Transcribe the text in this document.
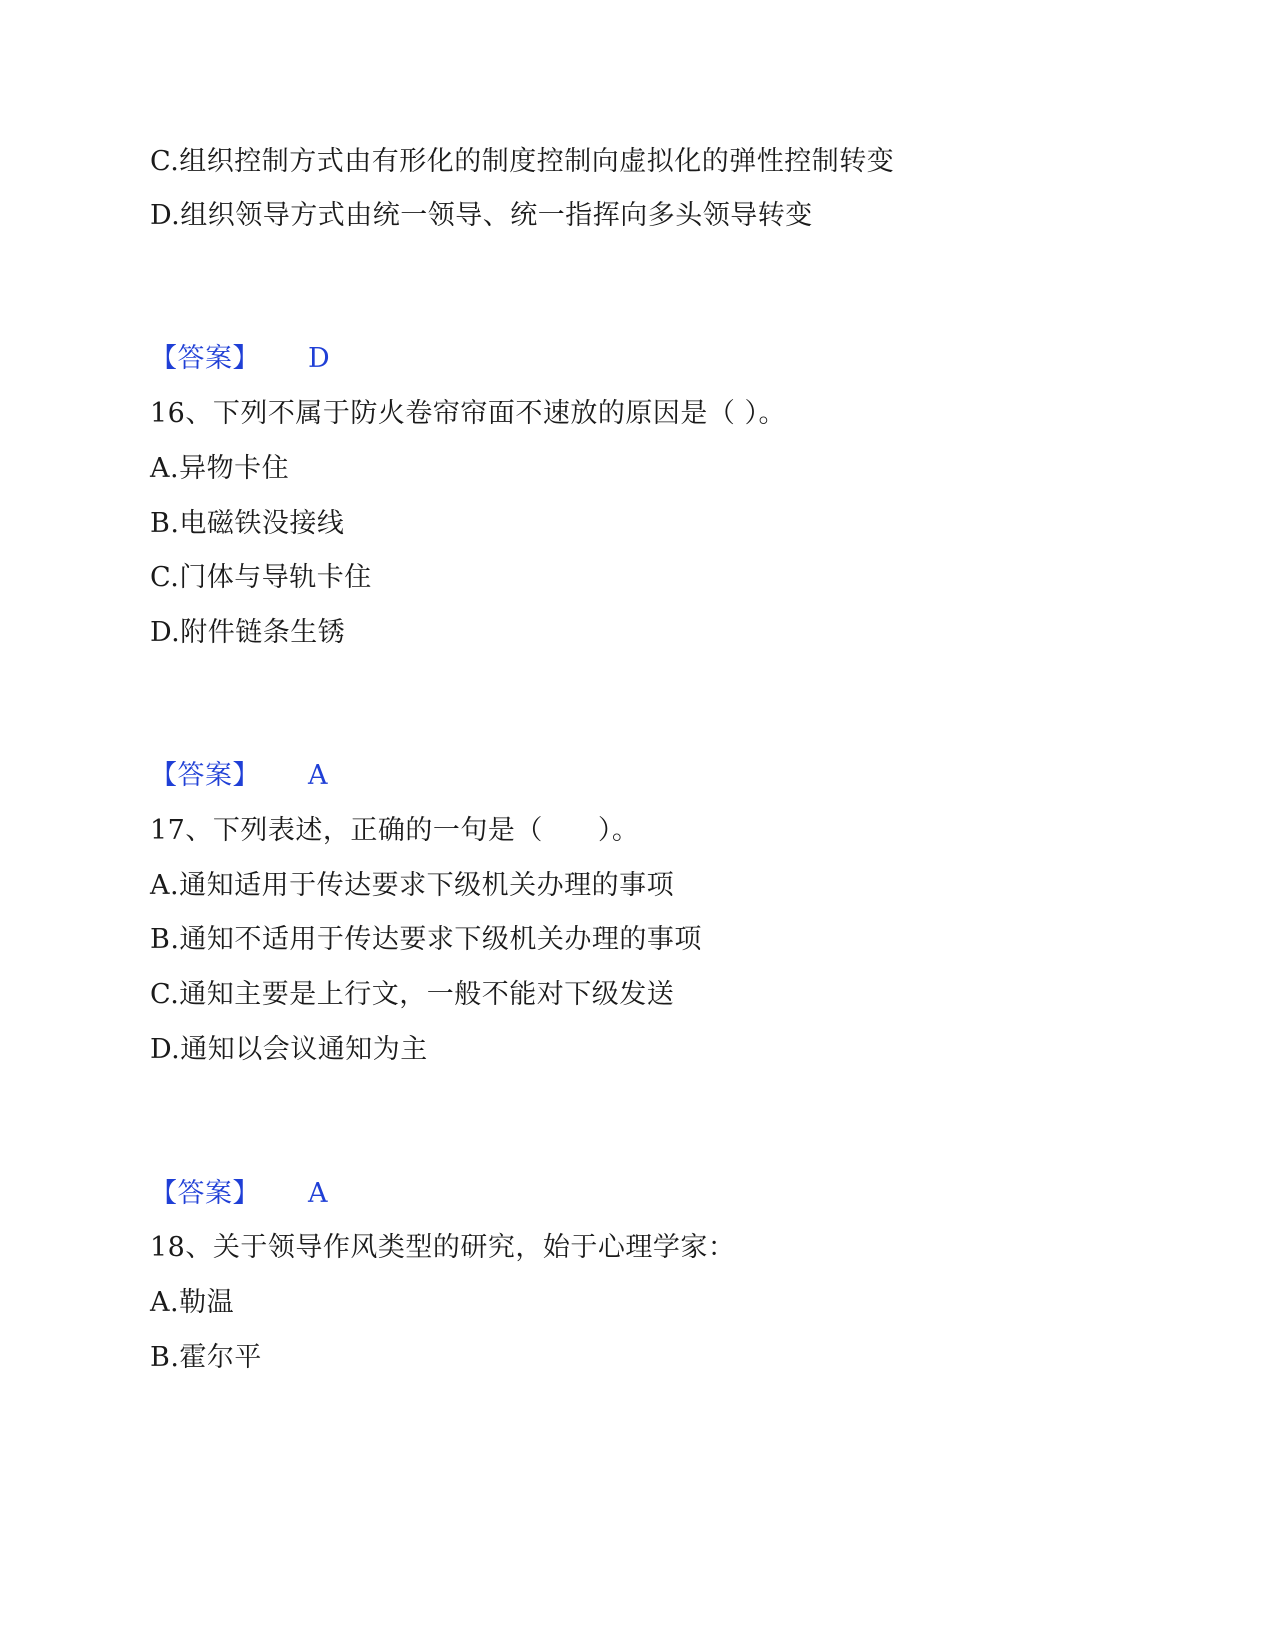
C.组织控制方式由有形化的制度控制向虚拟化的弹性控制转变
D.组织领导方式由统一领导、统一指挥向多头领导转变
【答案】 D
16、下列不属于防火卷帘帘面不速放的原因是（ ）。
A.异物卡住
B.电磁铁没接线
C.门体与导轨卡住
D.附件链条生锈
【答案】 A
17、下列表述，正确的一句是（　　）。
A.通知适用于传达要求下级机关办理的事项
B.通知不适用于传达要求下级机关办理的事项
C.通知主要是上行文，一般不能对下级发送
D.通知以会议通知为主
【答案】 A
18、关于领导作风类型的研究，始于心理学家：
A.勒温
B.霍尔平
